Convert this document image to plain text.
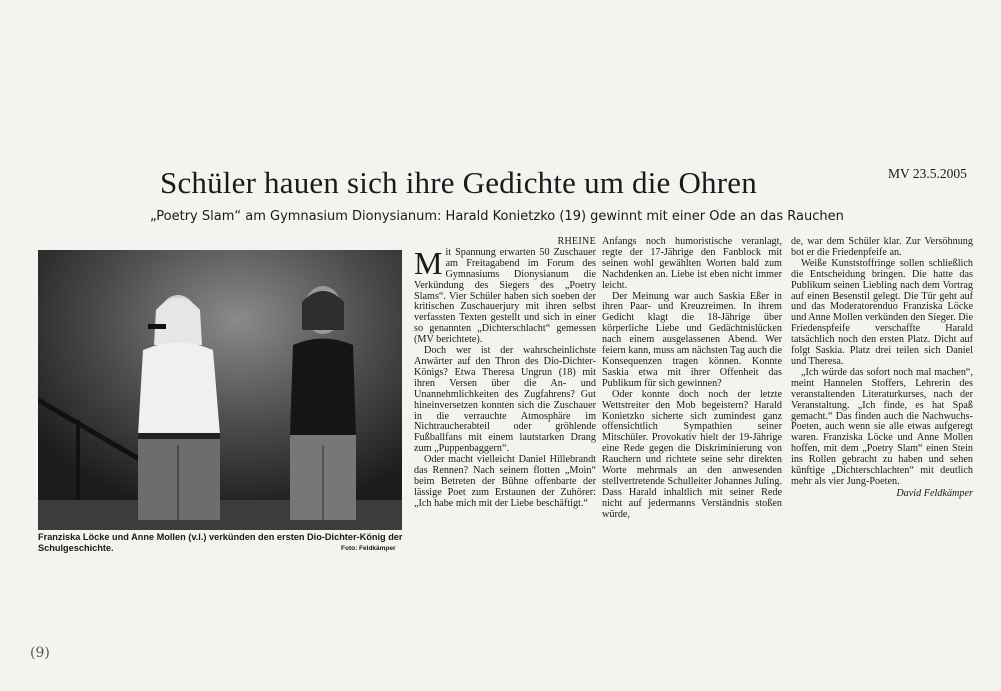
Schüler hauen sich ihre Gedichte um die Ohren	MV 23.5.2005
„Poetry Slam“ am Gymnasium Dionysianum: Harald Konietzko (19) gewinnt mit einer Ode an das Rauchen
Franziska Löcke und Anne Mollen (v.l.) verkünden den ersten Dio-Dichter-König der Schulgeschichte.	Foto: Feldkämper
RHEINE

Mit Spannung erwarten 50 Zuschauer am Freitagabend im Forum des Gymnasiums Dionysianum die Verkündung des Siegers des „Poetry Slams“. Vier Schüler haben sich soeben der kritischen Zuschauerjury mit ihren selbst verfassten Texten gestellt und sich in einer so genannten „Dichterschlacht“ gemessen (MV berichtete).

Doch wer ist der wahrscheinlichste Anwärter auf den Thron des Dio-Dichter-Königs? Etwa Theresa Ungrun (18) mit ihren Versen über die An- und Unannehmlichkeiten des Zugfahrens? Gut hineinversetzen konnten sich die Zuschauer in die verrauchte Atmosphäre im Nichtraucherabteil oder gröhlende Fußballfans mit einem lautstarken Drang zum „Puppenbaggern“.

Oder macht vielleicht Daniel Hillebrandt das Rennen? Nach seinem flotten „Moin“ beim Betreten der Bühne offenbarte der lässige Poet zum Erstaunen der Zuhörer: „Ich habe mich mit der Liebe beschäftigt.“

Anfangs noch humoristische veranlagt, regte der 17-Jährige den Fanblock mit seinen wohl gewählten Worten bald zum Nachdenken an. Liebe ist eben nicht immer leicht.

Der Meinung war auch Saskia Eßer in ihren Paar- und Kreuzreimen. In ihrem Gedicht klagt die 18-Jährige über körperliche Liebe und Gedächtnislücken nach einem ausgelassenen Abend. Wer feiern kann, muss am nächsten Tag auch die Konsequenzen tragen können. Konnte Saskia etwa mit ihrer Offenheit das Publikum für sich gewinnen?

Oder konnte doch noch der letzte Wettstreiter den Mob begeistern? Harald Konietzko sicherte sich zumindest ganz offensichtlich Sympathien seiner Mitschüler. Provokativ hielt der 19-Jährige eine Rede gegen die Diskriminierung von Rauchern und richtete seine sehr direkten Worte mehrmals an den anwesenden stellvertretende Schulleiter Johannes Juling. Dass Harald inhaltlich mit seiner Rede nicht auf jedermanns Verständnis stoßen würde,

de, war dem Schüler klar. Zur Versöhnung bot er die Friedenpfeife an.

Weiße Kunststoffringe sollen schließlich die Entscheidung bringen. Die hatte das Publikum seinen Liebling nach dem Vortrag auf einen Besenstil gelegt. Die Tür geht auf und das Moderatorenduo Franziska Löcke und Anne Mollen verkünden den Sieger. Die Friedenspfeife verschaffte Harald tatsächlich noch den ersten Platz. Dicht auf folgt Saskia. Platz drei teilen sich Daniel und Theresa.

„Ich würde das sofort noch mal machen“, meint Hannelen Stoffers, Lehrerin des veranstaltenden Literaturkurses, nach der Veranstaltung. „Ich finde, es hat Spaß gemacht.“ Das finden auch die Nachwuchs-Poeten, auch wenn sie alle etwas aufgeregt waren. Franziska Löcke und Anne Mollen hoffen, mit dem „Poetry Slam“ einen Stein ins Rollen gebracht zu haben und sehen künftige „Dichterschlachten“ mit deutlich mehr als vier Jung-Poeten.

David Feldkämper
(9)
